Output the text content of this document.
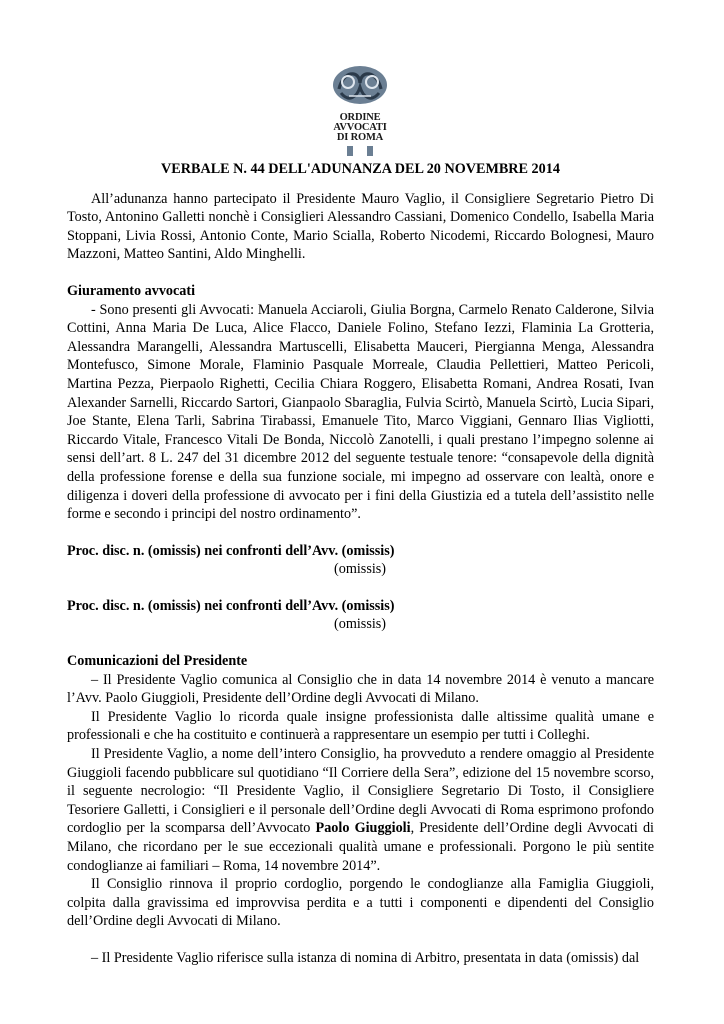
ORDINE
AVVOCATI
DI ROMA
VERBALE N. 44 DELL'ADUNANZA DEL 20 NOVEMBRE 2014

All’adunanza hanno partecipato il Presidente Mauro Vaglio, il Consigliere Segretario Pietro Di Tosto, Antonino Galletti nonchè i Consiglieri Alessandro Cassiani, Domenico Condello, Isabella Maria Stoppani, Livia Rossi, Antonio Conte, Mario Scialla, Roberto Nicodemi, Riccardo Bolognesi, Mauro Mazzoni, Matteo Santini, Aldo Minghelli.

Giuramento avvocati

- Sono presenti gli Avvocati: Manuela Acciaroli, Giulia Borgna, Carmelo Renato Calderone, Silvia Cottini, Anna Maria De Luca, Alice Flacco, Daniele Folino, Stefano Iezzi, Flaminia La Grotteria, Alessandra Marangelli, Alessandra Martuscelli, Elisabetta Mauceri, Piergianna Menga, Alessandra Montefusco, Simone Morale, Flaminio Pasquale Morreale, Claudia Pellettieri, Matteo Pericoli, Martina Pezza, Pierpaolo Righetti, Cecilia Chiara Roggero, Elisabetta Romani, Andrea Rosati, Ivan Alexander Sarnelli, Riccardo Sartori, Gianpaolo Sbaraglia, Fulvia Scirtò, Manuela Scirtò, Lucia Sipari, Joe Stante, Elena Tarli, Sabrina Tirabassi, Emanuele Tito, Marco Viggiani, Gennaro Ilias Vigliotti, Riccardo Vitale, Francesco Vitali De Bonda, Niccolò Zanotelli, i quali prestano l’impegno solenne ai sensi dell’art. 8 L. 247 del 31 dicembre 2012 del seguente testuale tenore: “consapevole della dignità della professione forense e della sua funzione sociale, mi impegno ad osservare con lealtà, onore e diligenza i doveri della professione di avvocato per i fini della Giustizia ed a tutela dell’assistito nelle forme e secondo i principi del nostro ordinamento”.

Proc. disc. n. (omissis) nei confronti dell’Avv. (omissis)
(omissis)
Proc. disc. n. (omissis) nei confronti dell’Avv. (omissis)
(omissis)
Comunicazioni del Presidente

– Il Presidente Vaglio comunica al Consiglio che in data 14 novembre 2014 è venuto a mancare l’Avv. Paolo Giuggioli, Presidente dell’Ordine degli Avvocati di Milano.

Il Presidente Vaglio lo ricorda quale insigne professionista dalle altissime qualità umane e professionali e che ha costituito e continuerà a rappresentare un esempio per tutti i Colleghi.

Il Presidente Vaglio, a nome dell’intero Consiglio, ha provveduto a rendere omaggio al Presidente Giuggioli facendo pubblicare sul quotidiano “Il Corriere della Sera”, edizione del 15 novembre scorso, il seguente necrologio: “Il Presidente Vaglio, il Consigliere Segretario Di Tosto, il Consigliere Tesoriere Galletti, i Consiglieri e il personale dell’Ordine degli Avvocati di Roma esprimono profondo cordoglio per la scomparsa dell’Avvocato Paolo Giuggioli, Presidente dell’Ordine degli Avvocati di Milano, che ricordano per le sue eccezionali qualità umane e professionali. Porgono le più sentite condoglianze ai familiari – Roma, 14 novembre 2014”.

Il Consiglio rinnova il proprio cordoglio, porgendo le condoglianze alla Famiglia Giuggioli, colpita dalla gravissima ed improvvisa perdita e a tutti i componenti e dipendenti del Consiglio dell’Ordine degli Avvocati di Milano.

– Il Presidente Vaglio riferisce sulla istanza di nomina di Arbitro, presentata in data (omissis) dal
